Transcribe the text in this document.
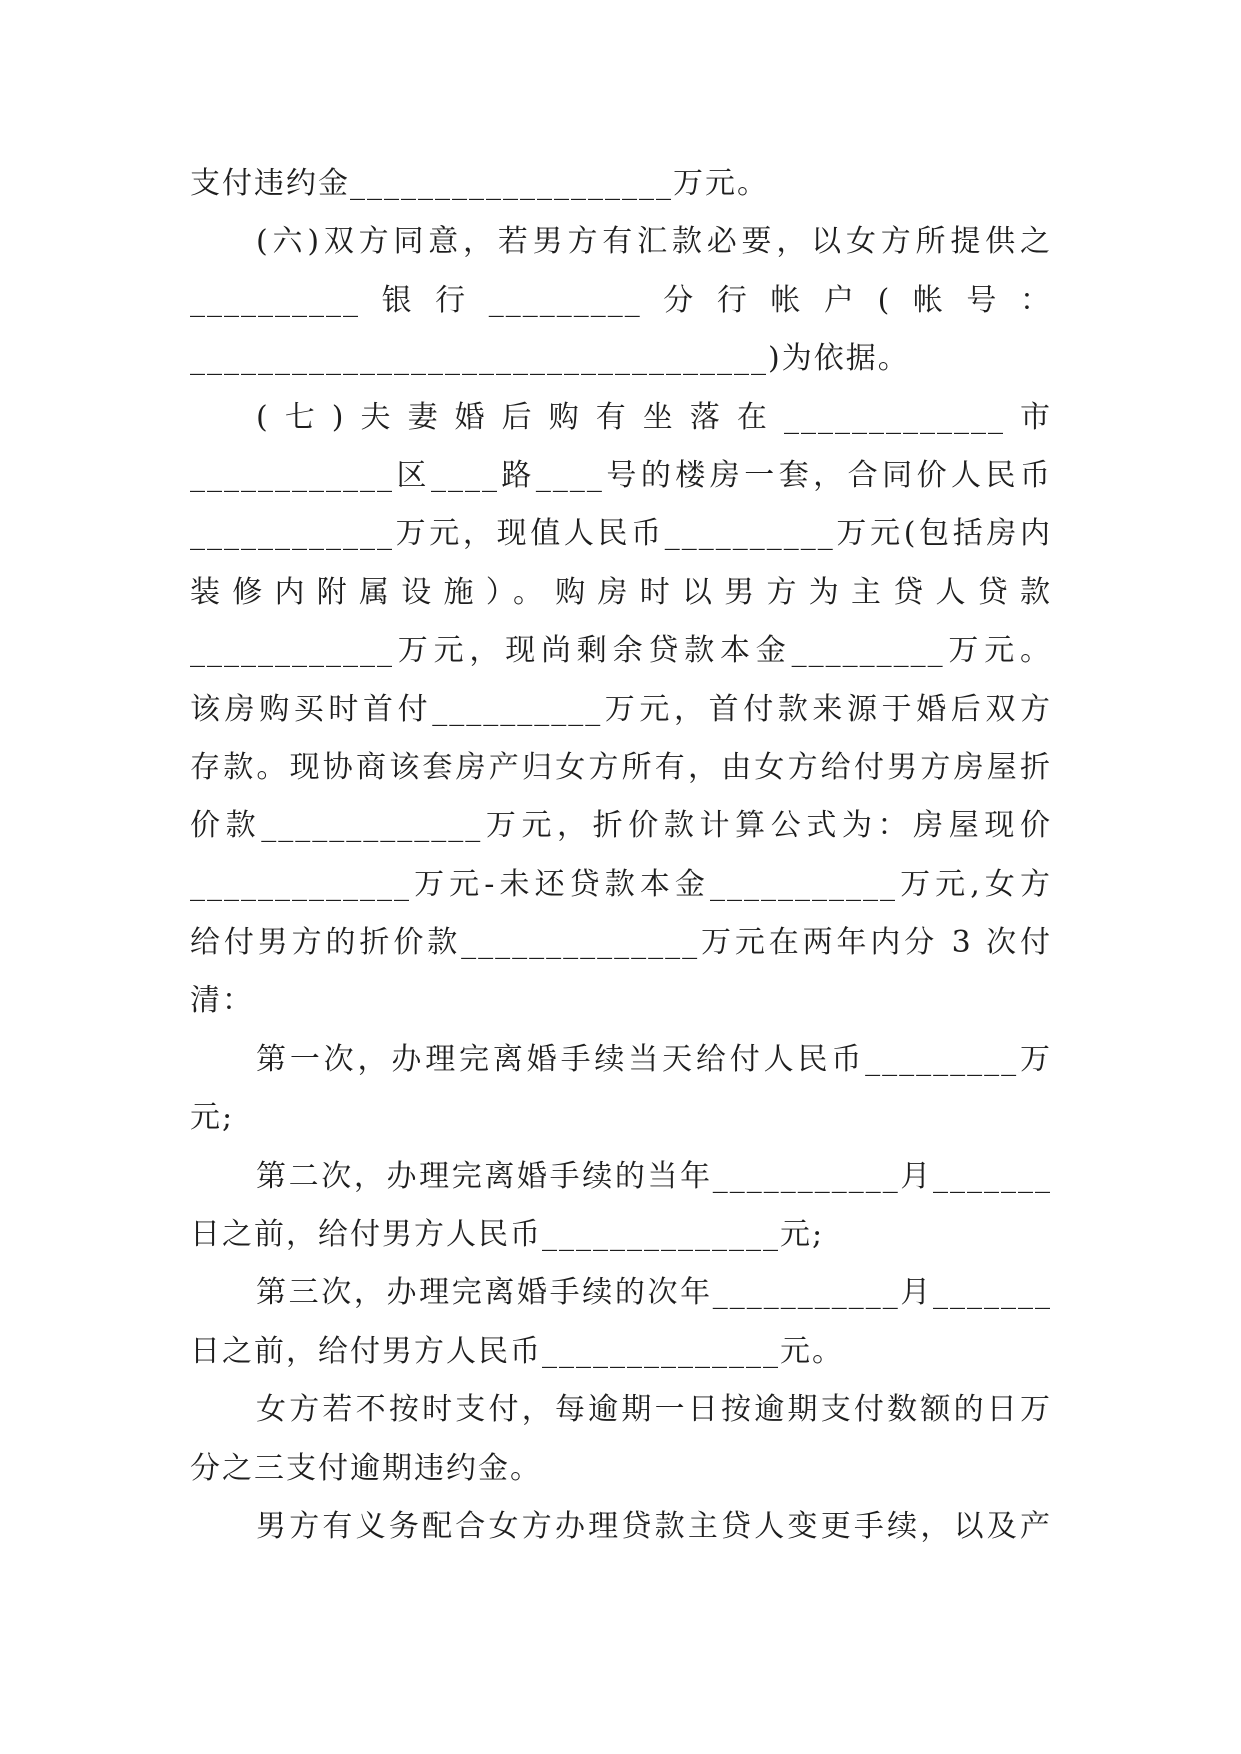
支付违约金___________________万元。
(六)双方同意，若男方有汇款必要，以女方所提供之
__________银行_________分行帐户(帐号：
__________________________________)为依据。
(七)夫妻婚后购有坐落在_____________市
____________区____路____号的楼房一套，合同价人民币
____________万元，现值人民币__________万元(包括房内
装修内附属设施）。购房时以男方为主贷人贷款
____________万元，现尚剩余贷款本金_________万元。
该房购买时首付__________万元，首付款来源于婚后双方
存款。现协商该套房产归女方所有，由女方给付男方房屋折
价款_____________万元，折价款计算公式为：房屋现价
_____________万元-未还贷款本金___________万元,女方
给付男方的折价款______________万元在两年内分 3 次付
清：
第一次，办理完离婚手续当天给付人民币_________万
元;
第二次，办理完离婚手续的当年___________月_______
日之前，给付男方人民币______________元;
第三次，办理完离婚手续的次年___________月_______
日之前，给付男方人民币______________元。
女方若不按时支付，每逾期一日按逾期支付数额的日万
分之三支付逾期违约金。
男方有义务配合女方办理贷款主贷人变更手续，以及产
